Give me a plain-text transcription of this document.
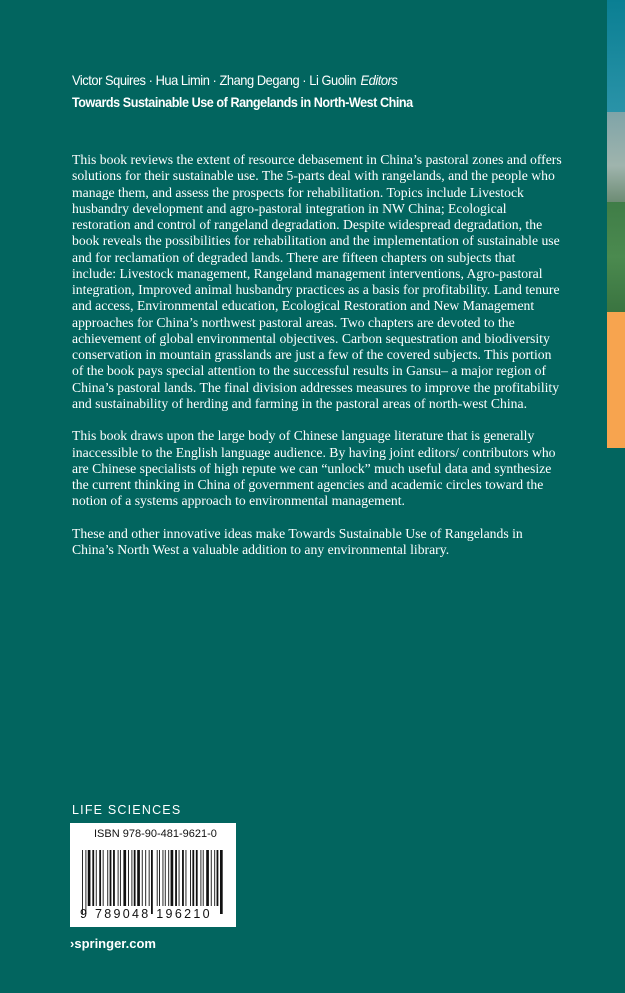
Victor Squires · Hua Limin · Zhang Degang · Li Guolin Editors
Towards Sustainable Use of Rangelands in North-West China

This book reviews the extent of resource debasement in China’s pastoral zones and offers solutions for their sustainable use. The 5-parts deal with rangelands, and the people who manage them, and assess the prospects for rehabilitation. Topics include Livestock husbandry development and agro-pastoral integration in NW China; Ecological restoration and control of rangeland degradation. Despite widespread degradation, the book reveals the possibilities for rehabilitation and the implementation of sustainable use and for reclamation of degraded lands. There are fifteen chapters on subjects that include: Livestock management, Rangeland management interventions, Agro-pastoral integration, Improved animal husbandry practices as a basis for profitability. Land tenure and access, Environmental education, Ecological Restoration and New Management approaches for China’s northwest pastoral areas. Two chapters are devoted to the achievement of global environmental objectives. Carbon sequestration and biodiversity conservation in mountain grasslands are just a few of the covered subjects. This portion of the book pays special attention to the successful results in Gansu– a major region of China’s pastoral lands. The final division addresses measures to improve the profitability and sustainability of herding and farming in the pastoral areas of north-west China.

This book draws upon the large body of Chinese language literature that is generally inaccessible to the English language audience. By having joint editors/ contributors who are Chinese specialists of high repute we can “unlock” much useful data and synthesize the current thinking in China of government agencies and academic circles toward the notion of a systems approach to environmental management.

These and other innovative ideas make Towards Sustainable Use of Rangelands in China’s North West a valuable addition to any environmental library.

LIFE SCIENCES
ISBN 978-90-481-9621-0
9 789048 196210
›springer.com
